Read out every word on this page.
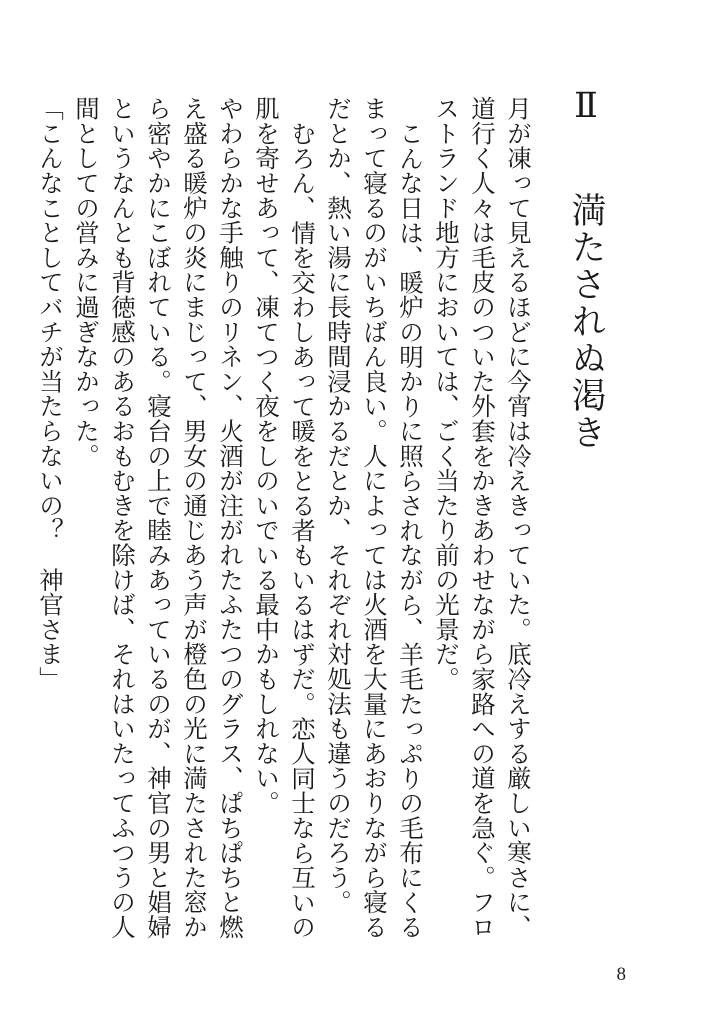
Ⅱ 満たされぬ渇き

月が凍って見えるほどに今宵は冷えきっていた。底冷えする厳しい寒さに、道行く人々は毛皮のついた外套をかきあわせながら家路への道を急ぐ。フロストランド地方においては、ごく当たり前の光景だ。

こんな日は、暖炉の明かりに照らされながら、羊毛たっぷりの毛布にくるまって寝るのがいちばん良い。人によっては火酒を大量にあおりながら寝るだとか、熱い湯に長時間浸かるだとか、それぞれ対処法も違うのだろう。

むろん、情を交わしあって暖をとる者もいるはずだ。恋人同士なら互いの肌を寄せあって、凍てつく夜をしのいでいる最中かもしれない。

やわらかな手触りのリネン、火酒が注がれたふたつのグラス、ぱちぱちと燃え盛る暖炉の炎にまじって、男女の通じあう声が橙色の光に満たされた窓から密やかにこぼれている。寝台の上で睦みあっているのが、神官の男と娼婦というなんとも背徳感のあるおもむきを除けば、それはいたってふつうの人間としての営みに過ぎなかった。

「こんなことしてバチが当たらないの？　神官さま」

8
